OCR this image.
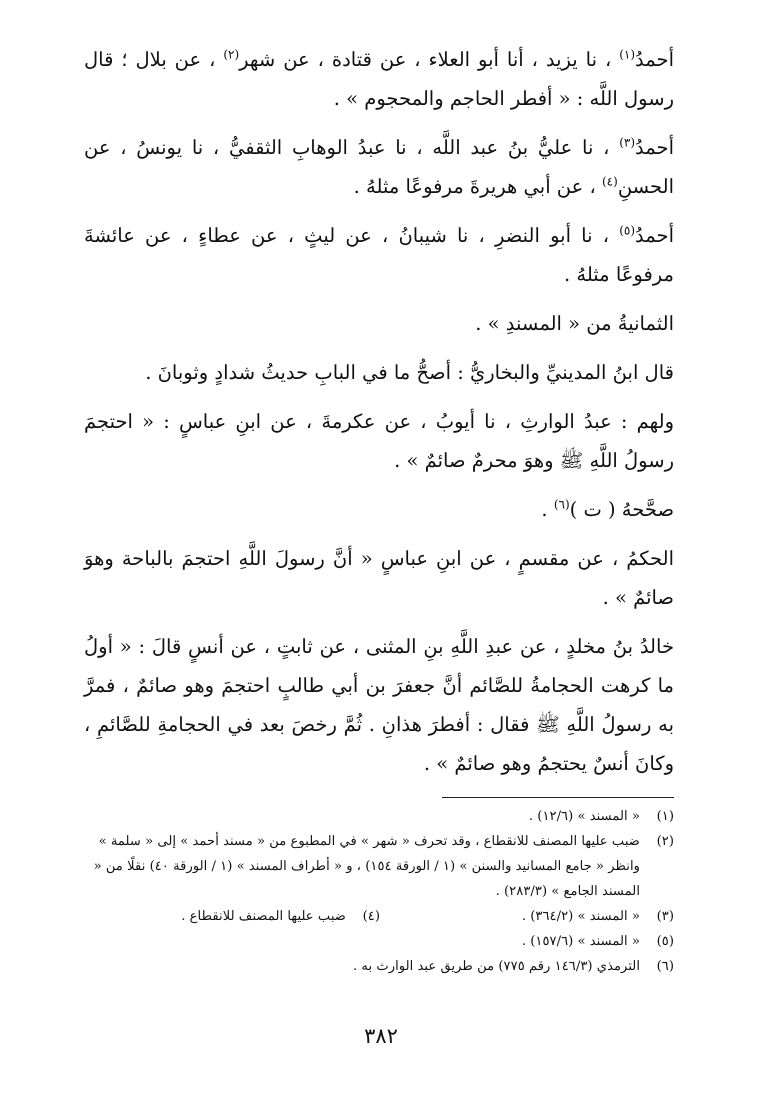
أحمدُ$^{(١)}$ ، نا يزيد ، أنا أبو العلاء ، عن قتادة ، عن شهر$^{(٢)}$ ، عن بلال ؛ قال رسول اللَّه : « أفطر الحاجم والمحجوم » .

أحمدُ$^{(٣)}$ ، نا عليُّ بنُ عبد اللَّه ، نا عبدُ الوهابِ الثقفيُّ ، نا يونسُ ، عن الحسنِ$^{(٤)}$ ، عن أبي هريرةَ مرفوعًا مثلهُ .

أحمدُ$^{(٥)}$ ، نا أبو النضرِ ، نا شيبانُ ، عن ليثٍ ، عن عطاءٍ ، عن عائشةَ مرفوعًا مثلهُ .

الثمانيةُ من « المسندِ » .

قال ابنُ المدينيِّ والبخاريُّ : أصحُّ ما في البابِ حديثُ شدادٍ وثوبانَ .

ولهم : عبدُ الوارثِ ، نا أيوبُ ، عن عكرمةَ ، عن ابنِ عباسٍ : « احتجمَ رسولُ اللَّهِ ﷺ وهوَ محرمٌ صائمٌ » .

صحَّحهُ ( ت )$^{(٦)}$ .

الحكمُ ، عن مقسمٍ ، عن ابنِ عباسٍ « أنَّ رسولَ اللَّهِ احتجمَ بالباحة وهوَ صائمٌ » .

خالدُ بنُ مخلدٍ ، عن عبدِ اللَّهِ بنِ المثنى ، عن ثابتٍ ، عن أنسٍ قالَ : « أولُ ما كرهت الحجامةُ للصَّائم أنَّ جعفرَ بن أبي طالبٍ احتجمَ وهو صائمٌ ، فمرَّ به رسولُ اللَّهِ ﷺ فقال : أفطرَ هذانِ . ثُمَّ رخصَ بعد في الحجامةِ للصَّائمِ ، وكانَ أنسٌ يحتجمُ وهو صائمٌ » .

(١)
« المسند » (١٢/٦) .
(٢)
ضبب عليها المصنف للانقطاع ، وقد تحرف « شهر » في المطبوع من « مسند أحمد » إلى « سلمة » وانظر « جامع المسانيد والسنن » (١ / الورقة ١٥٤) ، و « أطراف المسند » (١ / الورقة ٤٠) نقلًا من « المسند الجامع » (٢٨٣/٣) .
(٣)
« المسند » (٣٦٤/٢) .
(٤)
ضبب عليها المصنف للانقطاع .
(٥)
« المسند » (١٥٧/٦) .
(٦)
الترمذي (١٤٦/٣ رقم ٧٧٥) من طريق عبد الوارث به .
٣٨٢
